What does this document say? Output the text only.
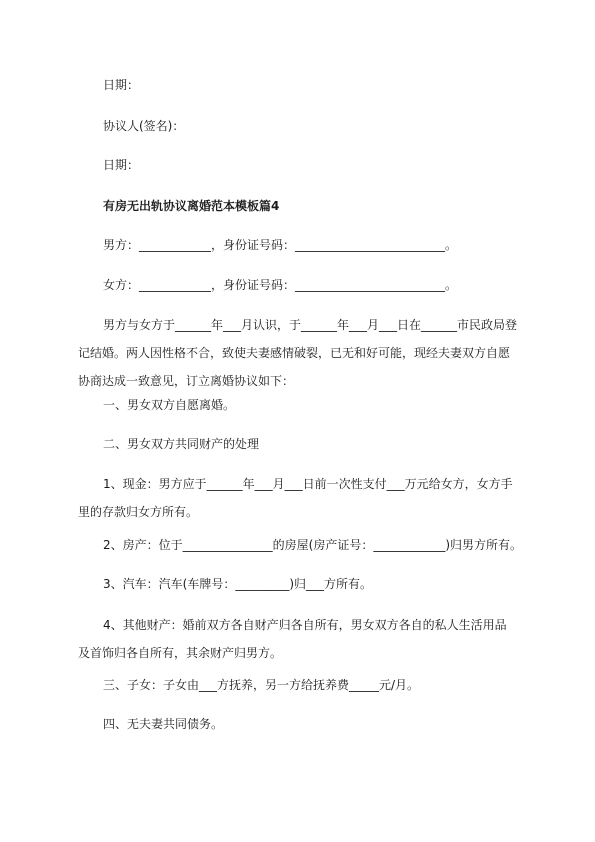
日期：
协议人(签名)：
日期：
有房无出轨协议离婚范本模板篇4
男方：____________，身份证号码：_________________________。
女方：____________，身份证号码：_________________________。
男方与女方于______年___月认识，于______年___月___日在______市民政局登记结婚。两人因性格不合，致使夫妻感情破裂，已无和好可能，现经夫妻双方自愿协商达成一致意见，订立离婚协议如下：
一、男女双方自愿离婚。
二、男女双方共同财产的处理
1、现金：男方应于______年___月___日前一次性支付___万元给女方，女方手里的存款归女方所有。
2、房产：位于_______________的房屋(房产证号：____________)归男方所有。
3、汽车：汽车(车牌号：_________)归___方所有。
4、其他财产：婚前双方各自财产归各自所有，男女双方各自的私人生活用品及首饰归各自所有，其余财产归男方。
三、子女：子女由___方抚养，另一方给抚养费_____元/月。
四、无夫妻共同债务。
